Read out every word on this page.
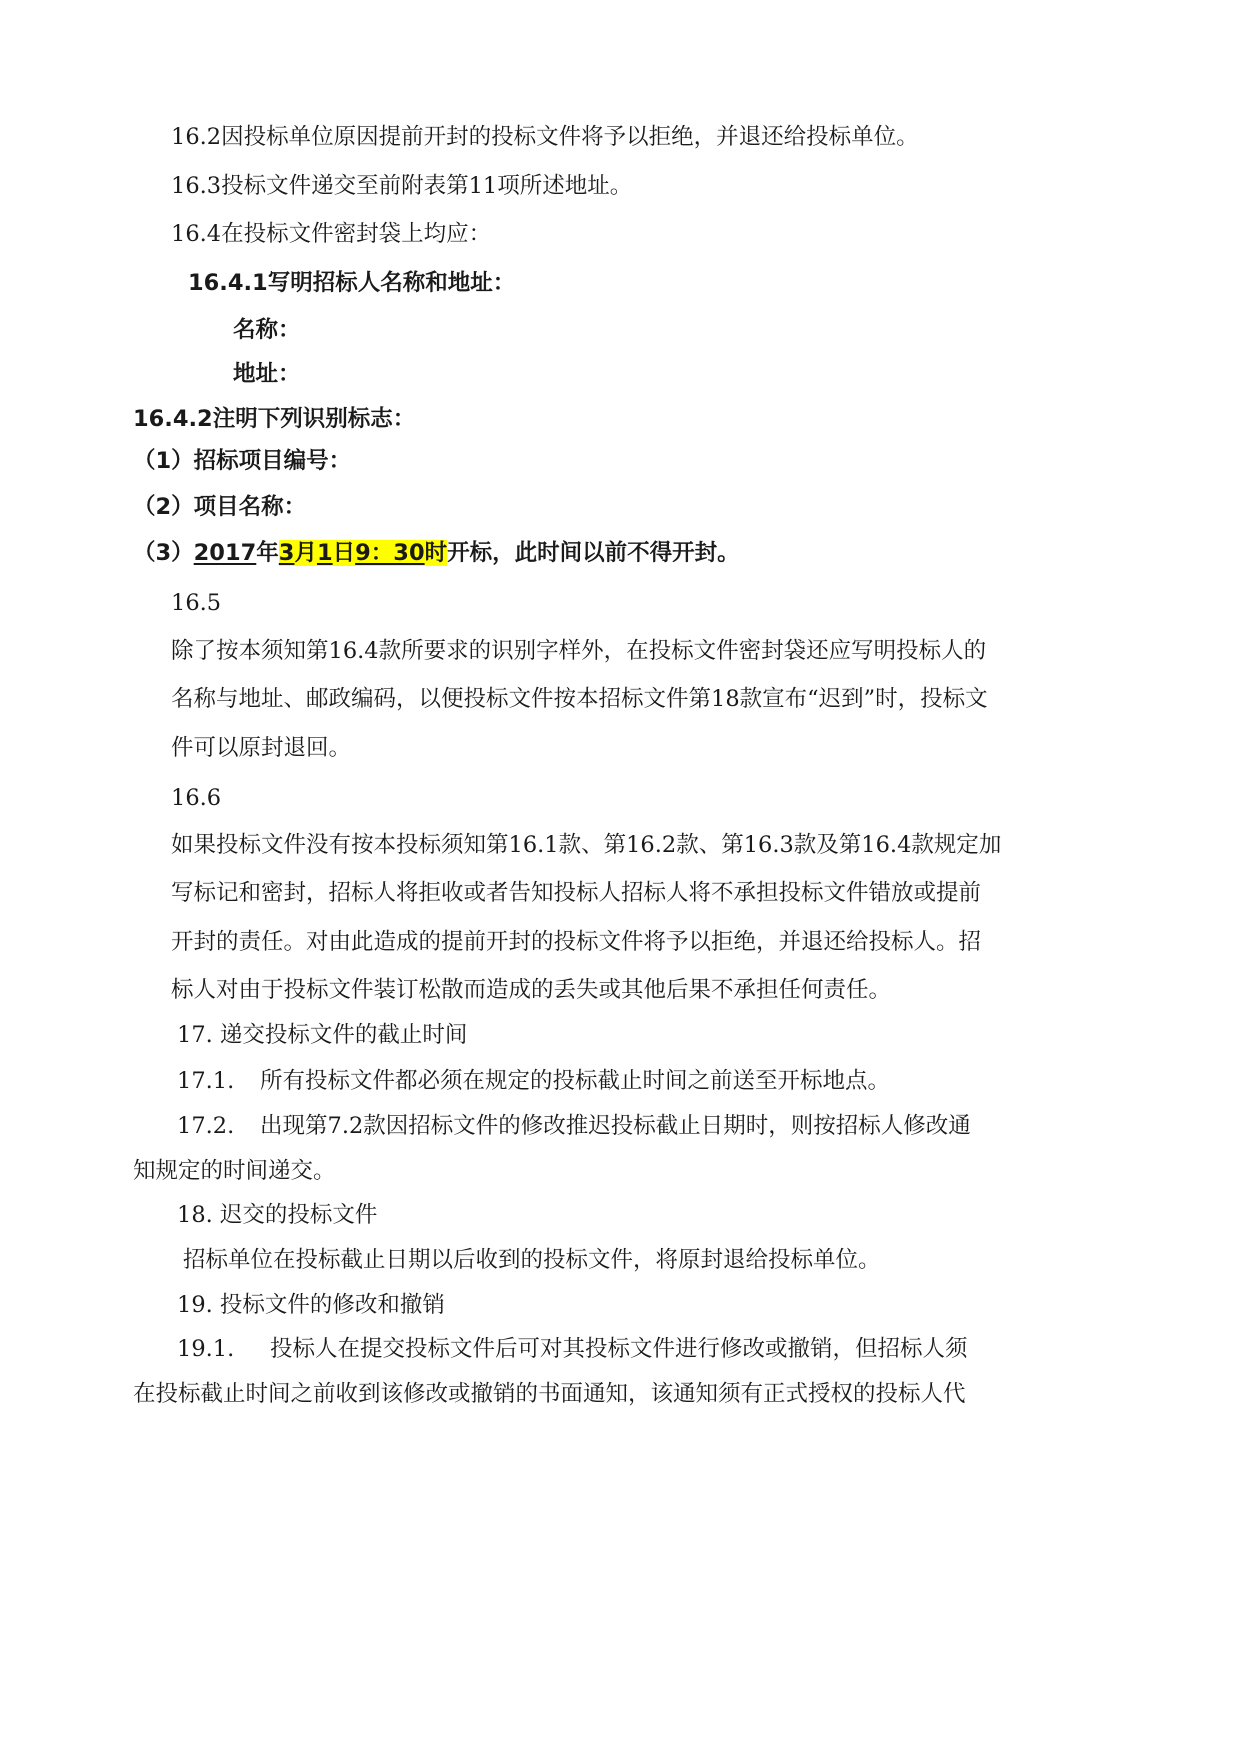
16.2因投标单位原因提前开封的投标文件将予以拒绝，并退还给投标单位。
16.3投标文件递交至前附表第11项所述地址。
16.4在投标文件密封袋上均应：
16.4.1写明招标人名称和地址：
名称：
地址：
16.4.2注明下列识别标志：
（1）招标项目编号：
（2）项目名称：
（3）2017年3月1日9：30时开标，此时间以前不得开封。
16.5
除了按本须知第16.4款所要求的识别字样外，在投标文件密封袋还应写明投标人的
名称与地址、邮政编码，以便投标文件按本招标文件第18款宣布“迟到”时，投标文
件可以原封退回。
16.6
如果投标文件没有按本投标须知第16.1款、第16.2款、第16.3款及第16.4款规定加
写标记和密封，招标人将拒收或者告知投标人招标人将不承担投标文件错放或提前
开封的责任。对由此造成的提前开封的投标文件将予以拒绝，并退还给投标人。招
标人对由于投标文件装订松散而造成的丢失或其他后果不承担任何责任。
17. 递交投标文件的截止时间
17.1. 所有投标文件都必须在规定的投标截止时间之前送至开标地点。
17.2. 出现第7.2款因招标文件的修改推迟投标截止日期时，则按招标人修改通
知规定的时间递交。
18. 迟交的投标文件
招标单位在投标截止日期以后收到的投标文件，将原封退给投标单位。
19. 投标文件的修改和撤销
19.1. 投标人在提交投标文件后可对其投标文件进行修改或撤销，但招标人须
在投标截止时间之前收到该修改或撤销的书面通知，该通知须有正式授权的投标人代
